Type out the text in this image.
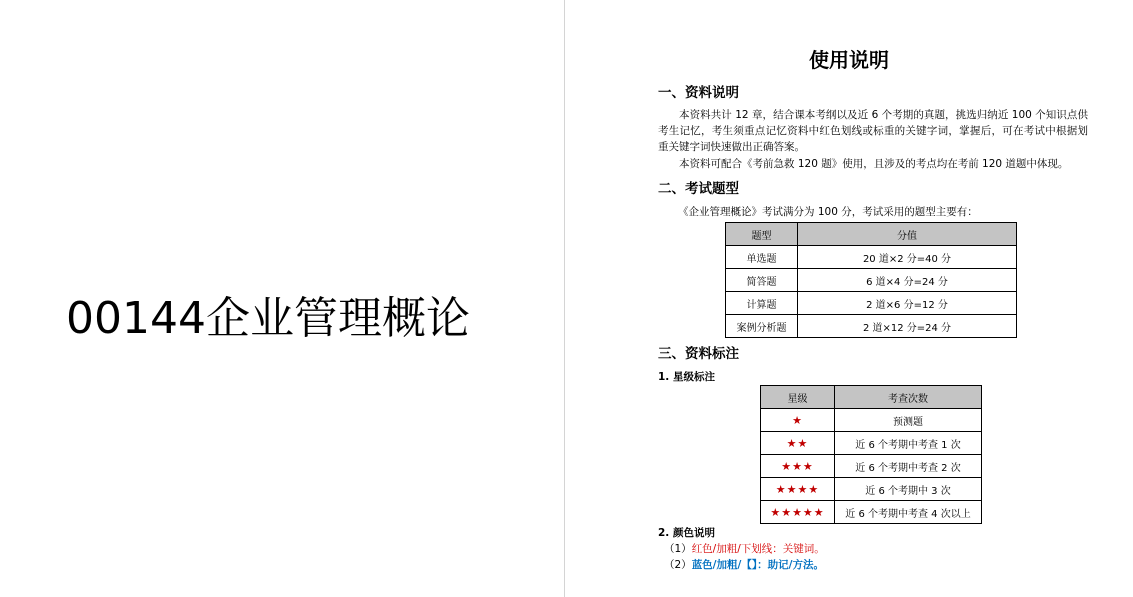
00144企业管理概论
使用说明
一、资料说明
本资料共计 12 章，结合课本考纲以及近 6 个考期的真题，挑选归纳近 100 个知识点供考生记忆，考生须重点记忆资料中红色划线或标重的关键字词，掌握后，可在考试中根据划重关键字词快速做出正确答案。
本资料可配合《考前急救 120 题》使用，且涉及的考点均在考前 120 道题中体现。
二、考试题型
《企业管理概论》考试满分为 100 分，考试采用的题型主要有：
题型	分值
单选题	20 道×2 分=40 分
简答题	6 道×4 分=24 分
计算题	2 道×6 分=12 分
案例分析题	2 道×12 分=24 分
三、资料标注
1. 星级标注
星级	考查次数
★	预测题
★★	近 6 个考期中考查 1 次
★★★	近 6 个考期中考查 2 次
★★★★	近 6 个考期中 3 次
★★★★★	近 6 个考期中考查 4 次以上
2. 颜色说明
（1）红色/加粗/下划线：关键词。
（2）蓝色/加粗/【】：助记/方法。
